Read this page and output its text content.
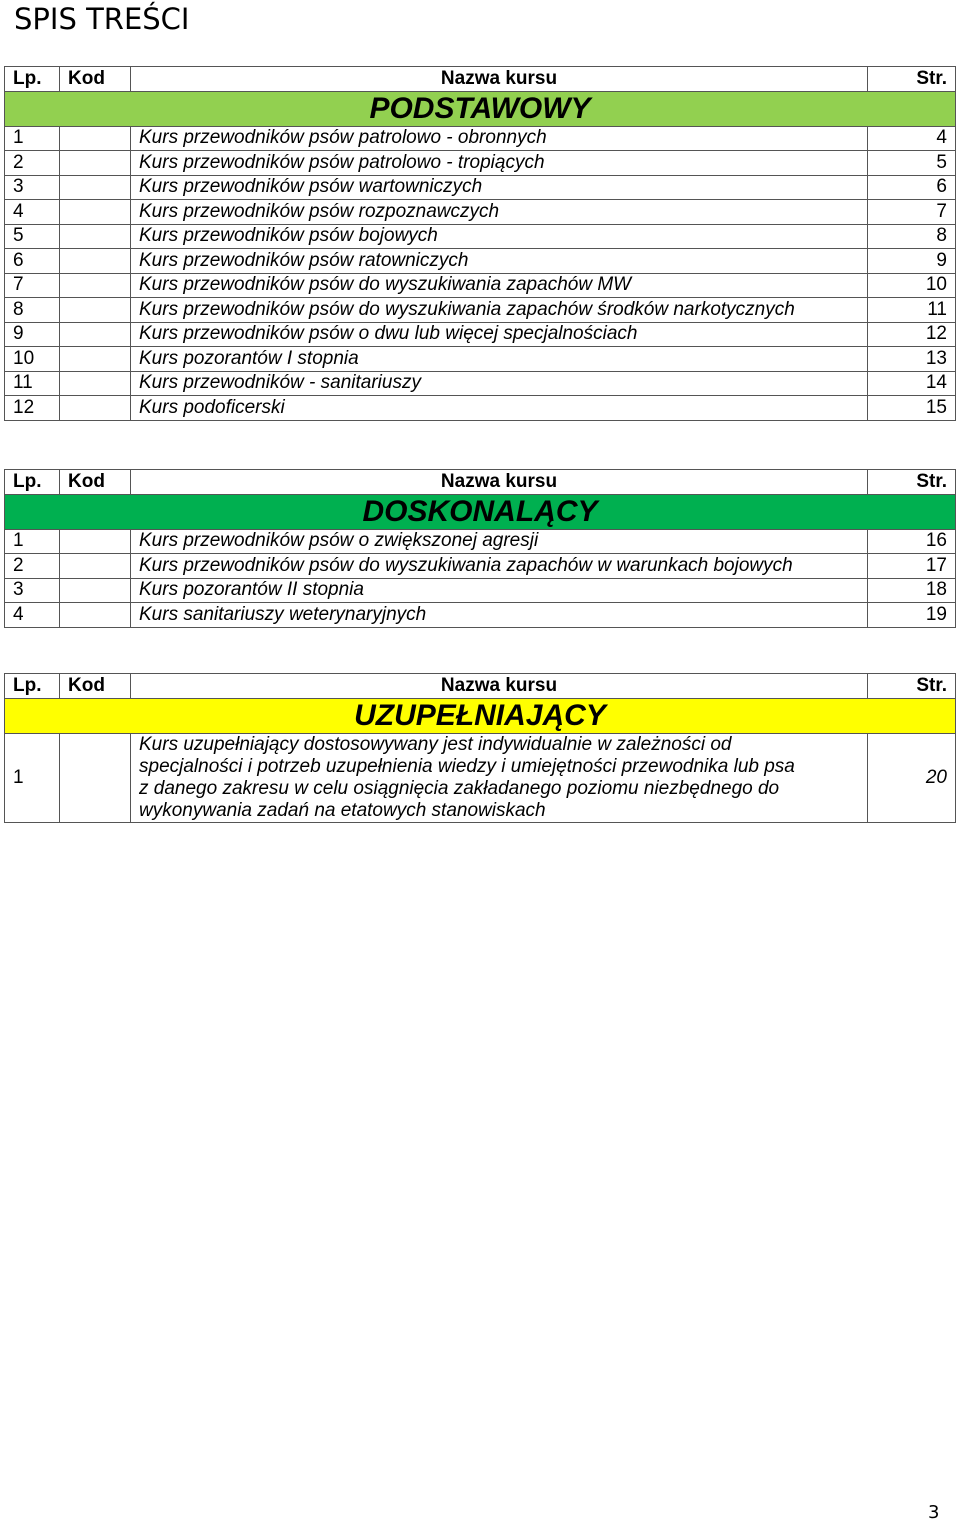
SPIS TREŚCI
Lp.	Kod	Nazwa kursu	Str.
PODSTAWOWY			
1		Kurs przewodników psów patrolowo - obronnych	4
2		Kurs przewodników psów patrolowo - tropiących	5
3		Kurs przewodników psów wartowniczych	6
4		Kurs przewodników psów rozpoznawczych	7
5		Kurs przewodników psów bojowych	8
6		Kurs przewodników psów ratowniczych	9
7		Kurs przewodników psów do wyszukiwania zapachów MW	10
8		Kurs przewodników psów do wyszukiwania zapachów środków narkotycznych	11
9		Kurs przewodników psów o dwu lub więcej specjalnościach	12
10		Kurs pozorantów I stopnia	13
11		Kurs przewodników - sanitariuszy	14
12		Kurs podoficerski	15
Lp.	Kod	Nazwa kursu	Str.
DOSKONALĄCY			
1		Kurs przewodników psów o zwiększonej agresji	16
2		Kurs przewodników psów do wyszukiwania zapachów w warunkach bojowych	17
3		Kurs pozorantów II stopnia	18
4		Kurs sanitariuszy weterynaryjnych	19
Lp.	Kod	Nazwa kursu	Str.
UZUPEŁNIAJĄCY			
1		Kurs uzupełniający dostosowywany jest indywidualnie w zależności od
specjalności i potrzeb uzupełnienia wiedzy i umiejętności przewodnika lub psa
z danego zakresu w celu osiągnięcia zakładanego poziomu niezbędnego do
wykonywania zadań na etatowych stanowiskach	20
3
